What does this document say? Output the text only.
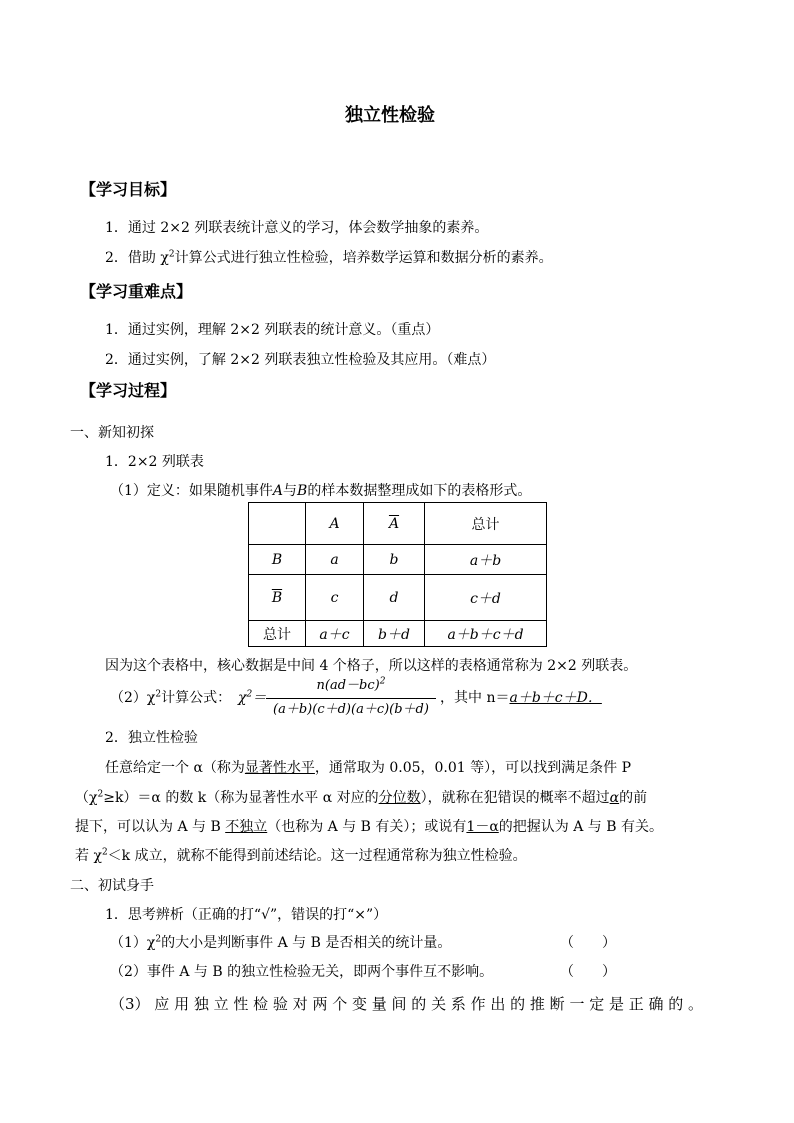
独立性检验
【学习目标】
1．通过 2×2 列联表统计意义的学习，体会数学抽象的素养。
2．借助 $\chi^2$计算公式进行独立性检验，培养数学运算和数据分析的素养。
【学习重难点】
1．通过实例，理解 2×2 列联表的统计意义。（重点）
2．通过实例，了解 2×2 列联表独立性检验及其应用。（难点）
【学习过程】
一、新知初探
1．2×2 列联表
（1）定义：如果随机事件A与B的样本数据整理成如下的表格形式。
	A	$\overline{A}$	总计
B	a	b	a＋b
$\overline{B}$	c	d	c＋d
总计	a＋c	b＋d	a＋b＋c＋d
因为这个表格中，核心数据是中间 4 个格子，所以这样的表格通常称为 2×2 列联表。
$(2)\chi^2$计算公式： $\chi^2=$
$n(ad-bc)^2$
(a＋b)(c＋d)(a＋c)(b＋d)
，其中 n＝a＋b＋c＋D．
2．独立性检验
任意给定一个 α（称为显著性水平，通常取为 0.05，0.01 等），可以找到满足条件 P
$(\chi^2\ge k)=\alpha$ 的数 k（称为显著性水平 α 对应的分位数），就称在犯错误的概率不超过α的前
提下，可以认为 A 与 B 不独立（也称为 A 与 B 有关）；或说有1－α的把握认为 A 与 B 有关。
若 $\chi^2<k$ 成立，就称不能得到前述结论。这一过程通常称为独立性检验。
二、初试身手
1．思考辨析（正确的打“√”，错误的打“×”）
$(1)\chi^2$的大小是判断事件 A 与 B 是否相关的统计量。	（　　）
（2）事件 A 与 B 的独立性检验无关，即两个事件互不影响。	（　　）
（3） 应 用 独 立 性 检 验 对 两 个 变 量 间 的 关 系 作 出 的 推 断 一 定 是 正 确 的 。
